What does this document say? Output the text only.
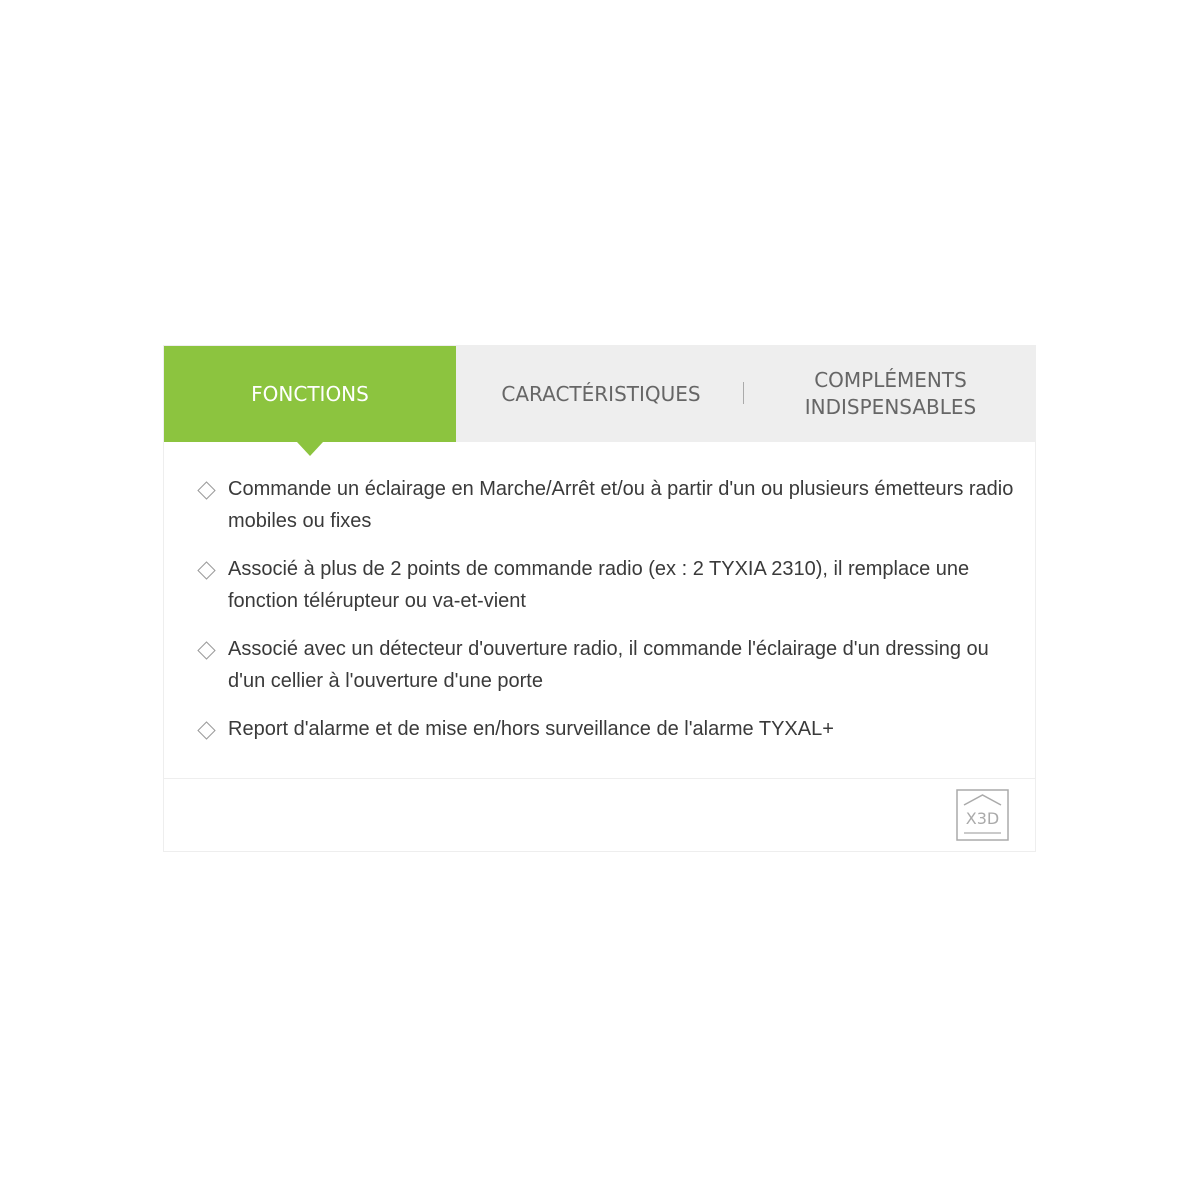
FONCTIONS	CARACTÉRISTIQUES
COMPLÉMENTS INDISPENSABLES
Commande un éclairage en Marche/Arrêt et/ou à partir d'un ou plusieurs émetteurs radio mobiles ou fixes
Associé à plus de 2 points de commande radio (ex : 2 TYXIA 2310), il remplace une fonction télérupteur ou va-et-vient
Associé avec un détecteur d'ouverture radio, il commande l'éclairage d'un dressing ou d'un cellier à l'ouverture d'une porte
Report d'alarme et de mise en/hors surveillance de l'alarme TYXAL+
X3D
